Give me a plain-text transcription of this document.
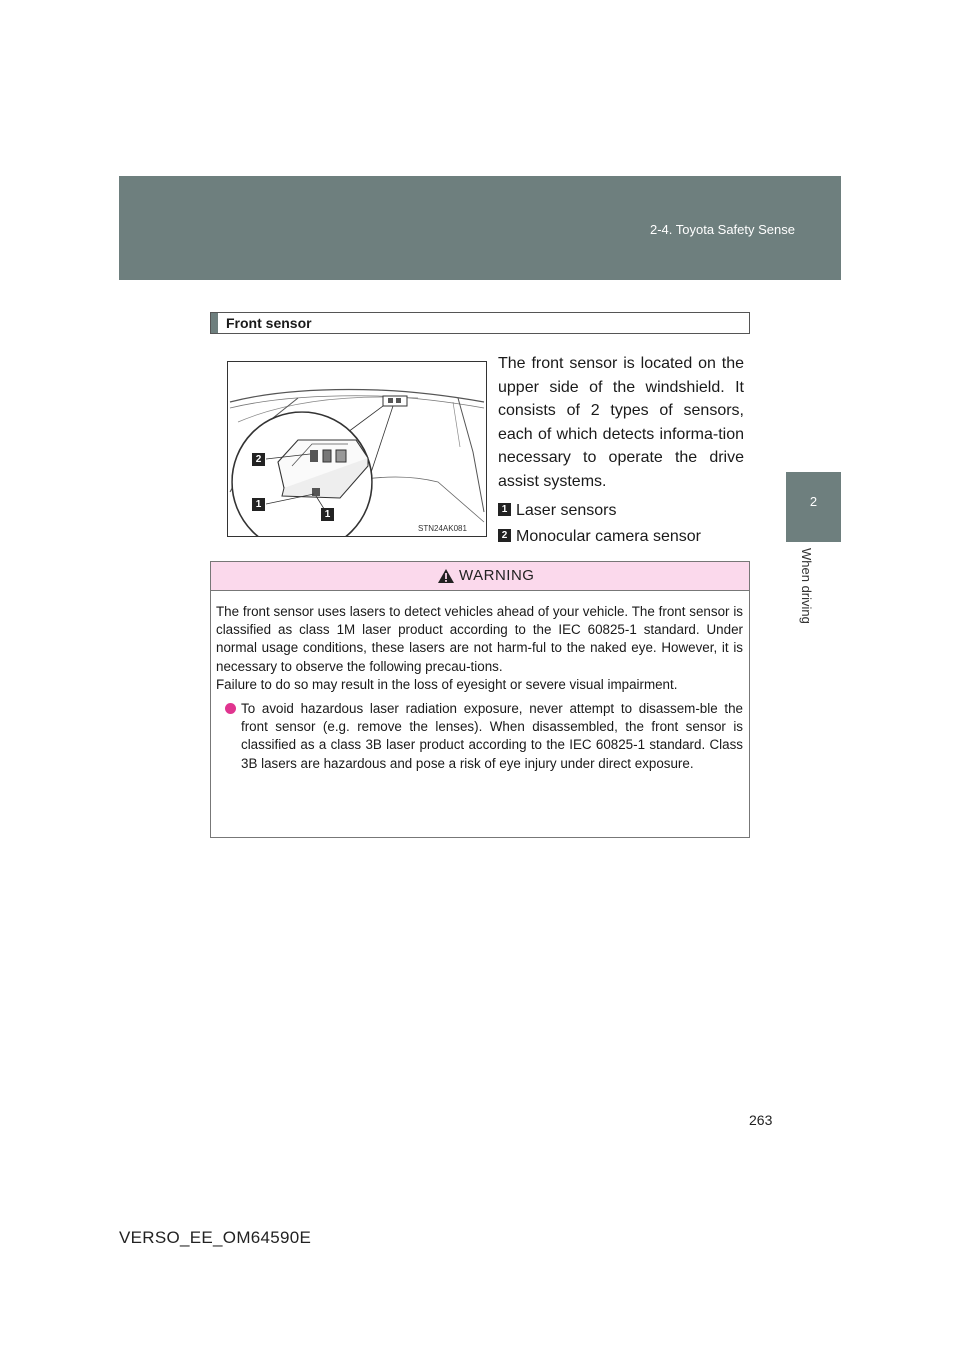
2-4. Toyota Safety Sense
2
When driving
Front sensor
2
1
1
STN24AK081
The front sensor is located on the upper side of the windshield. It consists of 2 types of sensors, each of which detects informa-tion necessary to operate the drive assist systems.
1 Laser sensors
2 Monocular camera sensor
WARNING
The front sensor uses lasers to detect vehicles ahead of your vehicle. The front sensor is classified as class 1M laser product according to the IEC 60825-1 standard. Under normal usage conditions, these lasers are not harm-ful to the naked eye. However, it is necessary to observe the following precau-tions.
Failure to do so may result in the loss of eyesight or severe visual impairment.
To avoid hazardous laser radiation exposure, never attempt to disassem-ble the front sensor (e.g. remove the lenses). When disassembled, the front sensor is classified as a class 3B laser product according to the IEC 60825-1 standard. Class 3B lasers are hazardous and pose a risk of eye injury under direct exposure.
263
VERSO_EE_OM64590E
